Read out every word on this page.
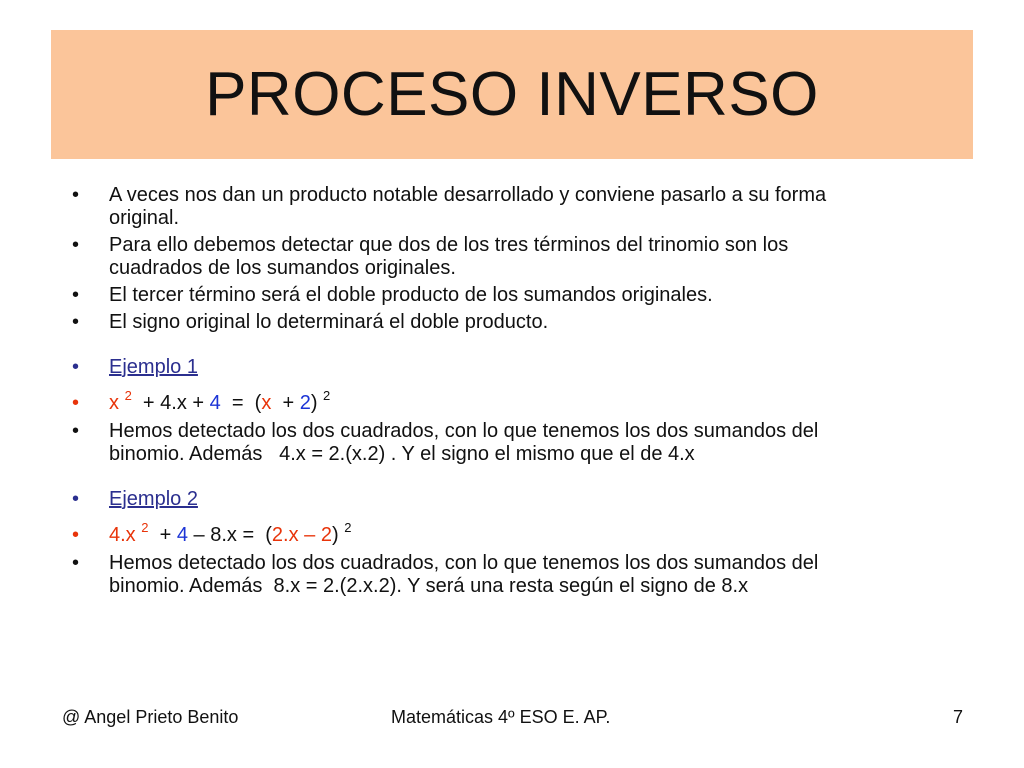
PROCESO INVERSO
• A veces nos dan un producto notable desarrollado y conviene pasarlo a su forma
original.
• Para ello debemos detectar que dos de los tres términos del trinomio son los
cuadrados de los sumandos originales.
• El tercer término será el doble producto de los sumandos originales.
• El signo original lo determinará el doble producto.
• Ejemplo 1
• x $^2$  + 4.x + 4  =  (x  + 2) $^2$
• Hemos detectado los dos cuadrados, con lo que tenemos los dos sumandos del
binomio. Además   4.x = 2.(x.2) . Y el signo el mismo que el de 4.x
• Ejemplo 2
• 4.x $^2$  + 4 – 8.x =  (2.x – 2) $^2$
• Hemos detectado los dos cuadrados, con lo que tenemos los dos sumandos del
binomio. Además  8.x = 2.(2.x.2). Y será una resta según el signo de 8.x
@ Angel Prieto Benito	Matemáticas 4º ESO E. AP.	7
